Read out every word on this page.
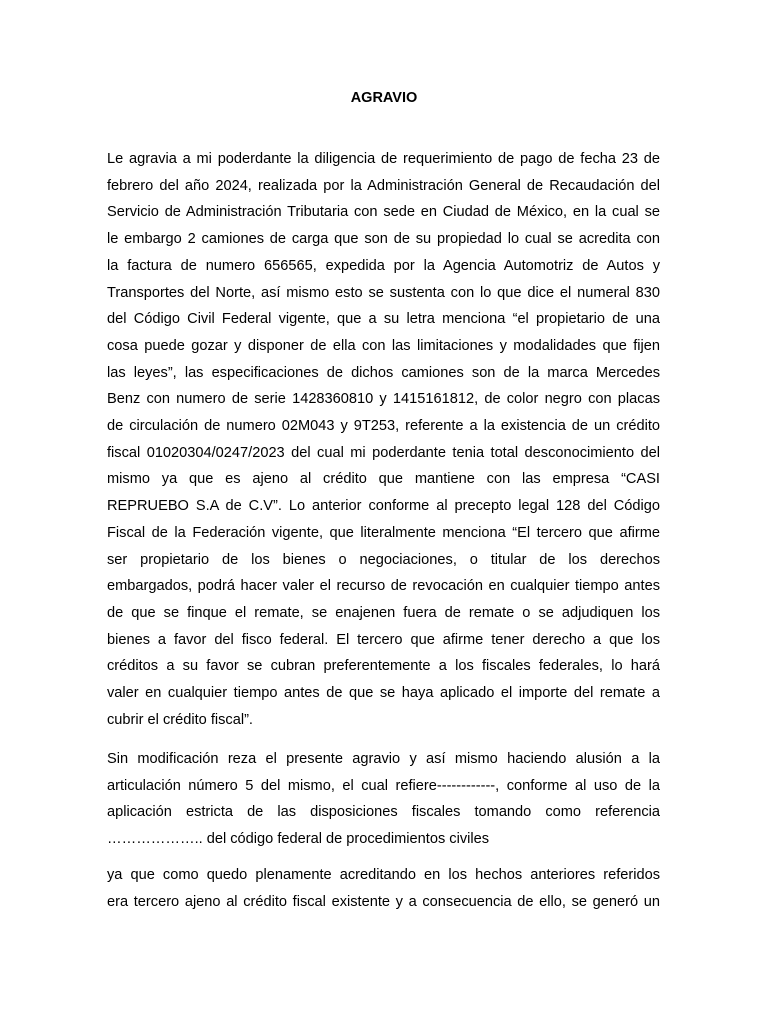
AGRAVIO
Le agravia a mi poderdante la diligencia de requerimiento de pago de fecha 23 de
febrero del año 2024, realizada por la Administración General de Recaudación del
Servicio de Administración Tributaria con sede en Ciudad de México, en la cual se
le embargo 2 camiones de carga que son de su propiedad lo cual se acredita con
la factura de numero 656565, expedida por la Agencia Automotriz de Autos y
Transportes del Norte, así mismo esto se sustenta con lo que dice el numeral 830
del Código Civil Federal vigente, que a su letra menciona “el propietario de una
cosa puede gozar y disponer de ella con las limitaciones y modalidades que fijen
las leyes”, las especificaciones de dichos camiones son de la marca Mercedes
Benz con numero de serie 1428360810 y 1415161812, de color negro con placas
de circulación de numero 02M043 y 9T253, referente a la existencia de un crédito
fiscal 01020304/0247/2023 del cual mi poderdante tenia total desconocimiento del
mismo ya que es ajeno al crédito que mantiene con las empresa “CASI
REPRUEBO S.A de C.V”. Lo anterior conforme al precepto legal 128 del Código
Fiscal de la Federación vigente, que literalmente menciona “El tercero que afirme
ser propietario de los bienes o negociaciones, o titular de los derechos
embargados, podrá hacer valer el recurso de revocación en cualquier tiempo antes
de que se finque el remate, se enajenen fuera de remate o se adjudiquen los
bienes a favor del fisco federal. El tercero que afirme tener derecho a que los
créditos a su favor se cubran preferentemente a los fiscales federales, lo hará
valer en cualquier tiempo antes de que se haya aplicado el importe del remate a
cubrir el crédito fiscal”.
Sin modificación reza el presente agravio y así mismo haciendo alusión a la
articulación número 5 del mismo, el cual refiere------------, conforme al uso de la
aplicación estricta de las disposiciones fiscales tomando como referencia
……………….. del código federal de procedimientos civiles
ya que como quedo plenamente acreditando en los hechos anteriores referidos
era tercero ajeno al crédito fiscal existente y a consecuencia de ello, se generó un
